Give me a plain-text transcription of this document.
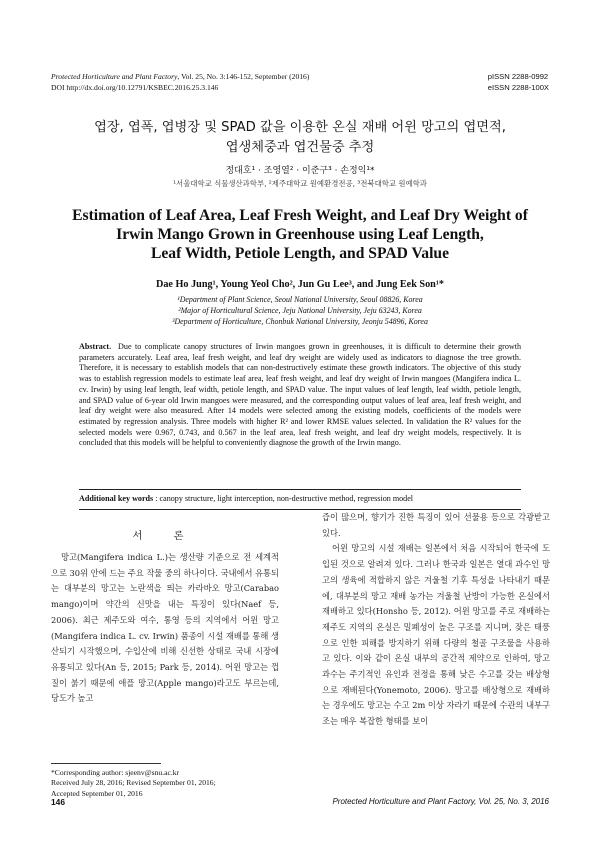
Protected Horticulture and Plant Factory, Vol. 25, No. 3:146-152, September (2016)
DOI http://dx.doi.org/10.12791/KSBEC.2016.25.3.146
pISSN 2288-0992
eISSN 2288-100X
엽장, 엽폭, 엽병장 및 SPAD 값을 이용한 온실 재배 어윈 망고의 엽면적,
엽생체중과 엽건물중 추정
정대호¹ · 조영열² · 이준구³ · 손정익¹*
¹서울대학교 식물생산과학부, ²제주대학교 원예환경전공, ³전북대학교 원예학과
Estimation of Leaf Area, Leaf Fresh Weight, and Leaf Dry Weight of
Irwin Mango Grown in Greenhouse using Leaf Length,
Leaf Width, Petiole Length, and SPAD Value
Dae Ho Jung¹, Young Yeol Cho², Jun Gu Lee³, and Jung Eek Son¹*
¹Department of Plant Science, Seoul National University, Seoul 08826, Korea
²Major of Horticultural Science, Jeju National University, Jeju 63243, Korea
³Department of Horticulture, Chonbuk National University, Jeonju 54896, Korea
Abstract. Due to complicate canopy structures of Irwin mangoes grown in greenhouses, it is difficult to determine their growth parameters accurately. Leaf area, leaf fresh weight, and leaf dry weight are widely used as indicators to diagnose the tree growth. Therefore, it is necessary to establish models that can non-destructively estimate these growth indicators. The objective of this study was to establish regression models to estimate leaf area, leaf fresh weight, and leaf dry weight of Irwin mangoes (Mangifera indica L. cv. Irwin) by using leaf length, leaf width, petiole length, and SPAD value. The input values of leaf length, leaf width, petiole length, and SPAD value of 6-year old Irwin mangoes were measured, and the corresponding output values of leaf area, leaf fresh weight, and leaf dry weight were also measured. After 14 models were selected among the existing models, coefficients of the models were estimated by regression analysis. Three models with higher R² and lower RMSE values selected. In validation the R² values for the selected models were 0.967, 0.743, and 0.567 in the leaf area, leaf fresh weight, and leaf dry weight models, respectively. It is concluded that this models will be helpful to conveniently diagnose the growth of the Irwin mango.
Additional key words : canopy structure, light interception, non-destructive method, regression model
서 론

망고(Mangifera indica L.)는 생산량 기준으로 전 세계적으로 30위 안에 드는 주요 작물 중의 하나이다. 국내에서 유통되는 대부분의 망고는 노란색을 띄는 카라바오 망고(Carabao mango)이며 약간의 신맛을 내는 특징이 있다(Naef 등, 2006). 최근 제주도와 여수, 통영 등의 지역에서 어윈 망고(Mangifera indica L. cv. Irwin) 품종이 시설 재배를 통해 생산되기 시작했으며, 수입산에 비해 신선한 상태로 국내 시장에 유통되고 있다(An 등, 2015; Park 등, 2014). 어윈 망고는 껍질이 붉기 때문에 애플 망고(Apple mango)라고도 부르는데, 당도가 높고

즙이 많으며, 향기가 진한 특징이 있어 선물용 등으로 각광받고 있다.

어윈 망고의 시설 재배는 일본에서 처음 시작되어 한국에 도입된 것으로 알려져 있다. 그러나 한국과 일본은 열대 과수인 망고의 생육에 적합하지 않은 겨울철 기후 특성을 나타내기 때문에, 대부분의 망고 재배 농가는 겨울철 난방이 가능한 온실에서 재배하고 있다(Honsho 등, 2012). 어윈 망고를 주로 재배하는 제주도 지역의 온실은 밀폐성이 높은 구조를 지니며, 잦은 태풍으로 인한 피해를 방지하기 위해 다량의 철골 구조물을 사용하고 있다. 이와 같이 온실 내부의 공간적 제약으로 인하여, 망고 과수는 주기적인 유인과 전정을 통해 낮은 수고를 갖는 배상형으로 재배된다(Yonemoto, 2006). 망고를 배상형으로 재배하는 경우에도 망고는 수고 2m 이상 자라기 때문에 수관의 내부구조는 매우 복잡한 형태를 보이

*Corresponding author: sjeenv@snu.ac.kr
Received July 28, 2016; Revised September 01, 2016;
Accepted September 01, 2016
146	Protected Horticulture and Plant Factory, Vol. 25, No. 3, 2016
